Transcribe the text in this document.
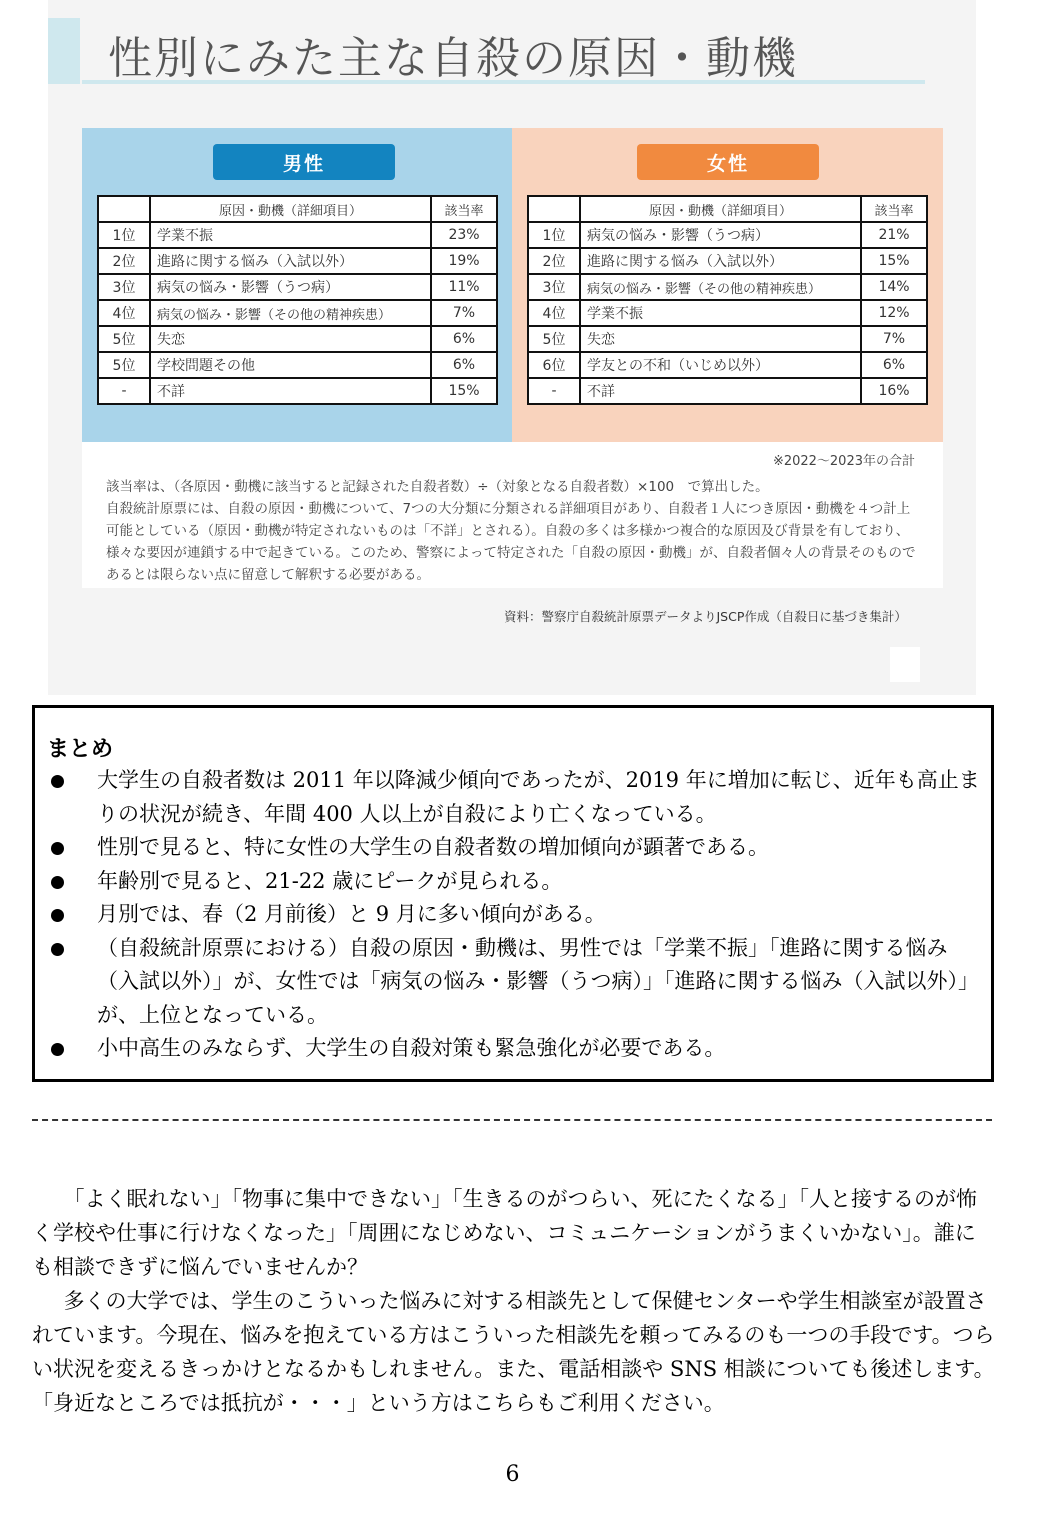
性別にみた主な自殺の原因・動機
男性	女性
	原因・動機（詳細項目）	該当率
1位	学業不振	23%
2位	進路に関する悩み（入試以外）	19%
3位	病気の悩み・影響（うつ病）	11%
4位	病気の悩み・影響（その他の精神疾患）	7%
5位	失恋	6%
5位	学校問題その他	6%
-	不詳	15%
	原因・動機（詳細項目）	該当率
1位	病気の悩み・影響（うつ病）	21%
2位	進路に関する悩み（入試以外）	15%
3位	病気の悩み・影響（その他の精神疾患）	14%
4位	学業不振	12%
5位	失恋	7%
6位	学友との不和（いじめ以外）	6%
-	不詳	16%
※2022～2023年の合計
該当率は、（各原因・動機に該当すると記録された自殺者数）÷（対象となる自殺者数）×100　で算出した。
自殺統計原票には、自殺の原因・動機について、7つの大分類に分類される詳細項目があり、自殺者１人につき原因・動機を４つ計上可能としている（原因・動機が特定されないものは「不詳」とされる）。自殺の多くは多様かつ複合的な原因及び背景を有しており、様々な要因が連鎖する中で起きている。このため、警察によって特定された「自殺の原因・動機」が、自殺者個々人の背景そのものであるとは限らない点に留意して解釈する必要がある。
資料：警察庁自殺統計原票データよりJSCP作成（自殺日に基づき集計）
まとめ
大学生の自殺者数は 2011 年以降減少傾向であったが、2019 年に増加に転じ、近年も高止まりの状況が続き、年間 400 人以上が自殺により亡くなっている。
性別で見ると、特に女性の大学生の自殺者数の増加傾向が顕著である。
年齢別で見ると、21-22 歳にピークが見られる。
月別では、春（2 月前後）と 9 月に多い傾向がある。
（自殺統計原票における）自殺の原因・動機は、男性では「学業不振」「進路に関する悩み（入試以外）」が、女性では「病気の悩み・影響（うつ病）」「進路に関する悩み（入試以外）」が、上位となっている。
小中高生のみならず、大学生の自殺対策も緊急強化が必要である。

「よく眠れない」「物事に集中できない」「生きるのがつらい、死にたくなる」「人と接するのが怖く学校や仕事に行けなくなった」「周囲になじめない、コミュニケーションがうまくいかない」。誰にも相談できずに悩んでいませんか？

多くの大学では、学生のこういった悩みに対する相談先として保健センターや学生相談室が設置されています。今現在、悩みを抱えている方はこういった相談先を頼ってみるのも一つの手段です。つらい状況を変えるきっかけとなるかもしれません。また、電話相談や SNS 相談についても後述します。「身近なところでは抵抗が・・・」という方はこちらもご利用ください。

6
